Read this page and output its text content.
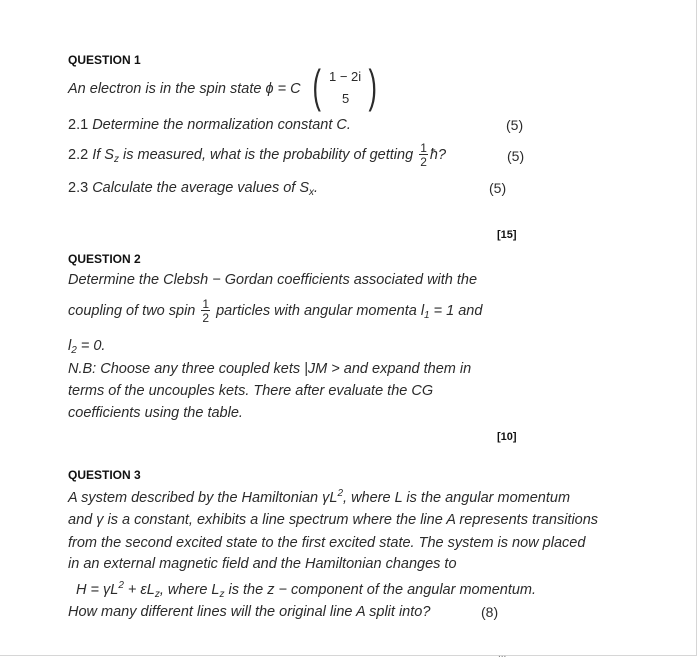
QUESTION 1
An electron is in the spin state ϕ = C ( 1 − 2i
5 )
2.1 Determine the normalization constant C.	(5)
2.2 If $S_z$ is measured, what is the probability of getting $\frac{1}{2}$ ħ?	(5)
2.3 Calculate the average values of $S_x$.	(5)
[15]
QUESTION 2
Determine the Clebsh − Gordan coefficients associated with the
coupling of two spin $\frac{1}{2}$ particles with angular momenta $l_1 = 1$ and
$l_2 = 0$.
N.B: Choose any three coupled kets |JM > and expand them in
terms of the uncouples kets. There after evaluate the CG
coefficients using the table.
[10]
QUESTION 3
A system described by the Hamiltonian $\gamma L^2$, where L is the angular momentum
and γ is a constant, exhibits a line spectrum where the line A represents transitions
from the second excited state to the first excited state. The system is now placed
in an external magnetic field and the Hamiltonian changes to
$H = \gamma L^2 + \varepsilon L_z$, where $L_z$ is the z − component of the angular momentum.
How many different lines will the original line A split into?	(8)
...
